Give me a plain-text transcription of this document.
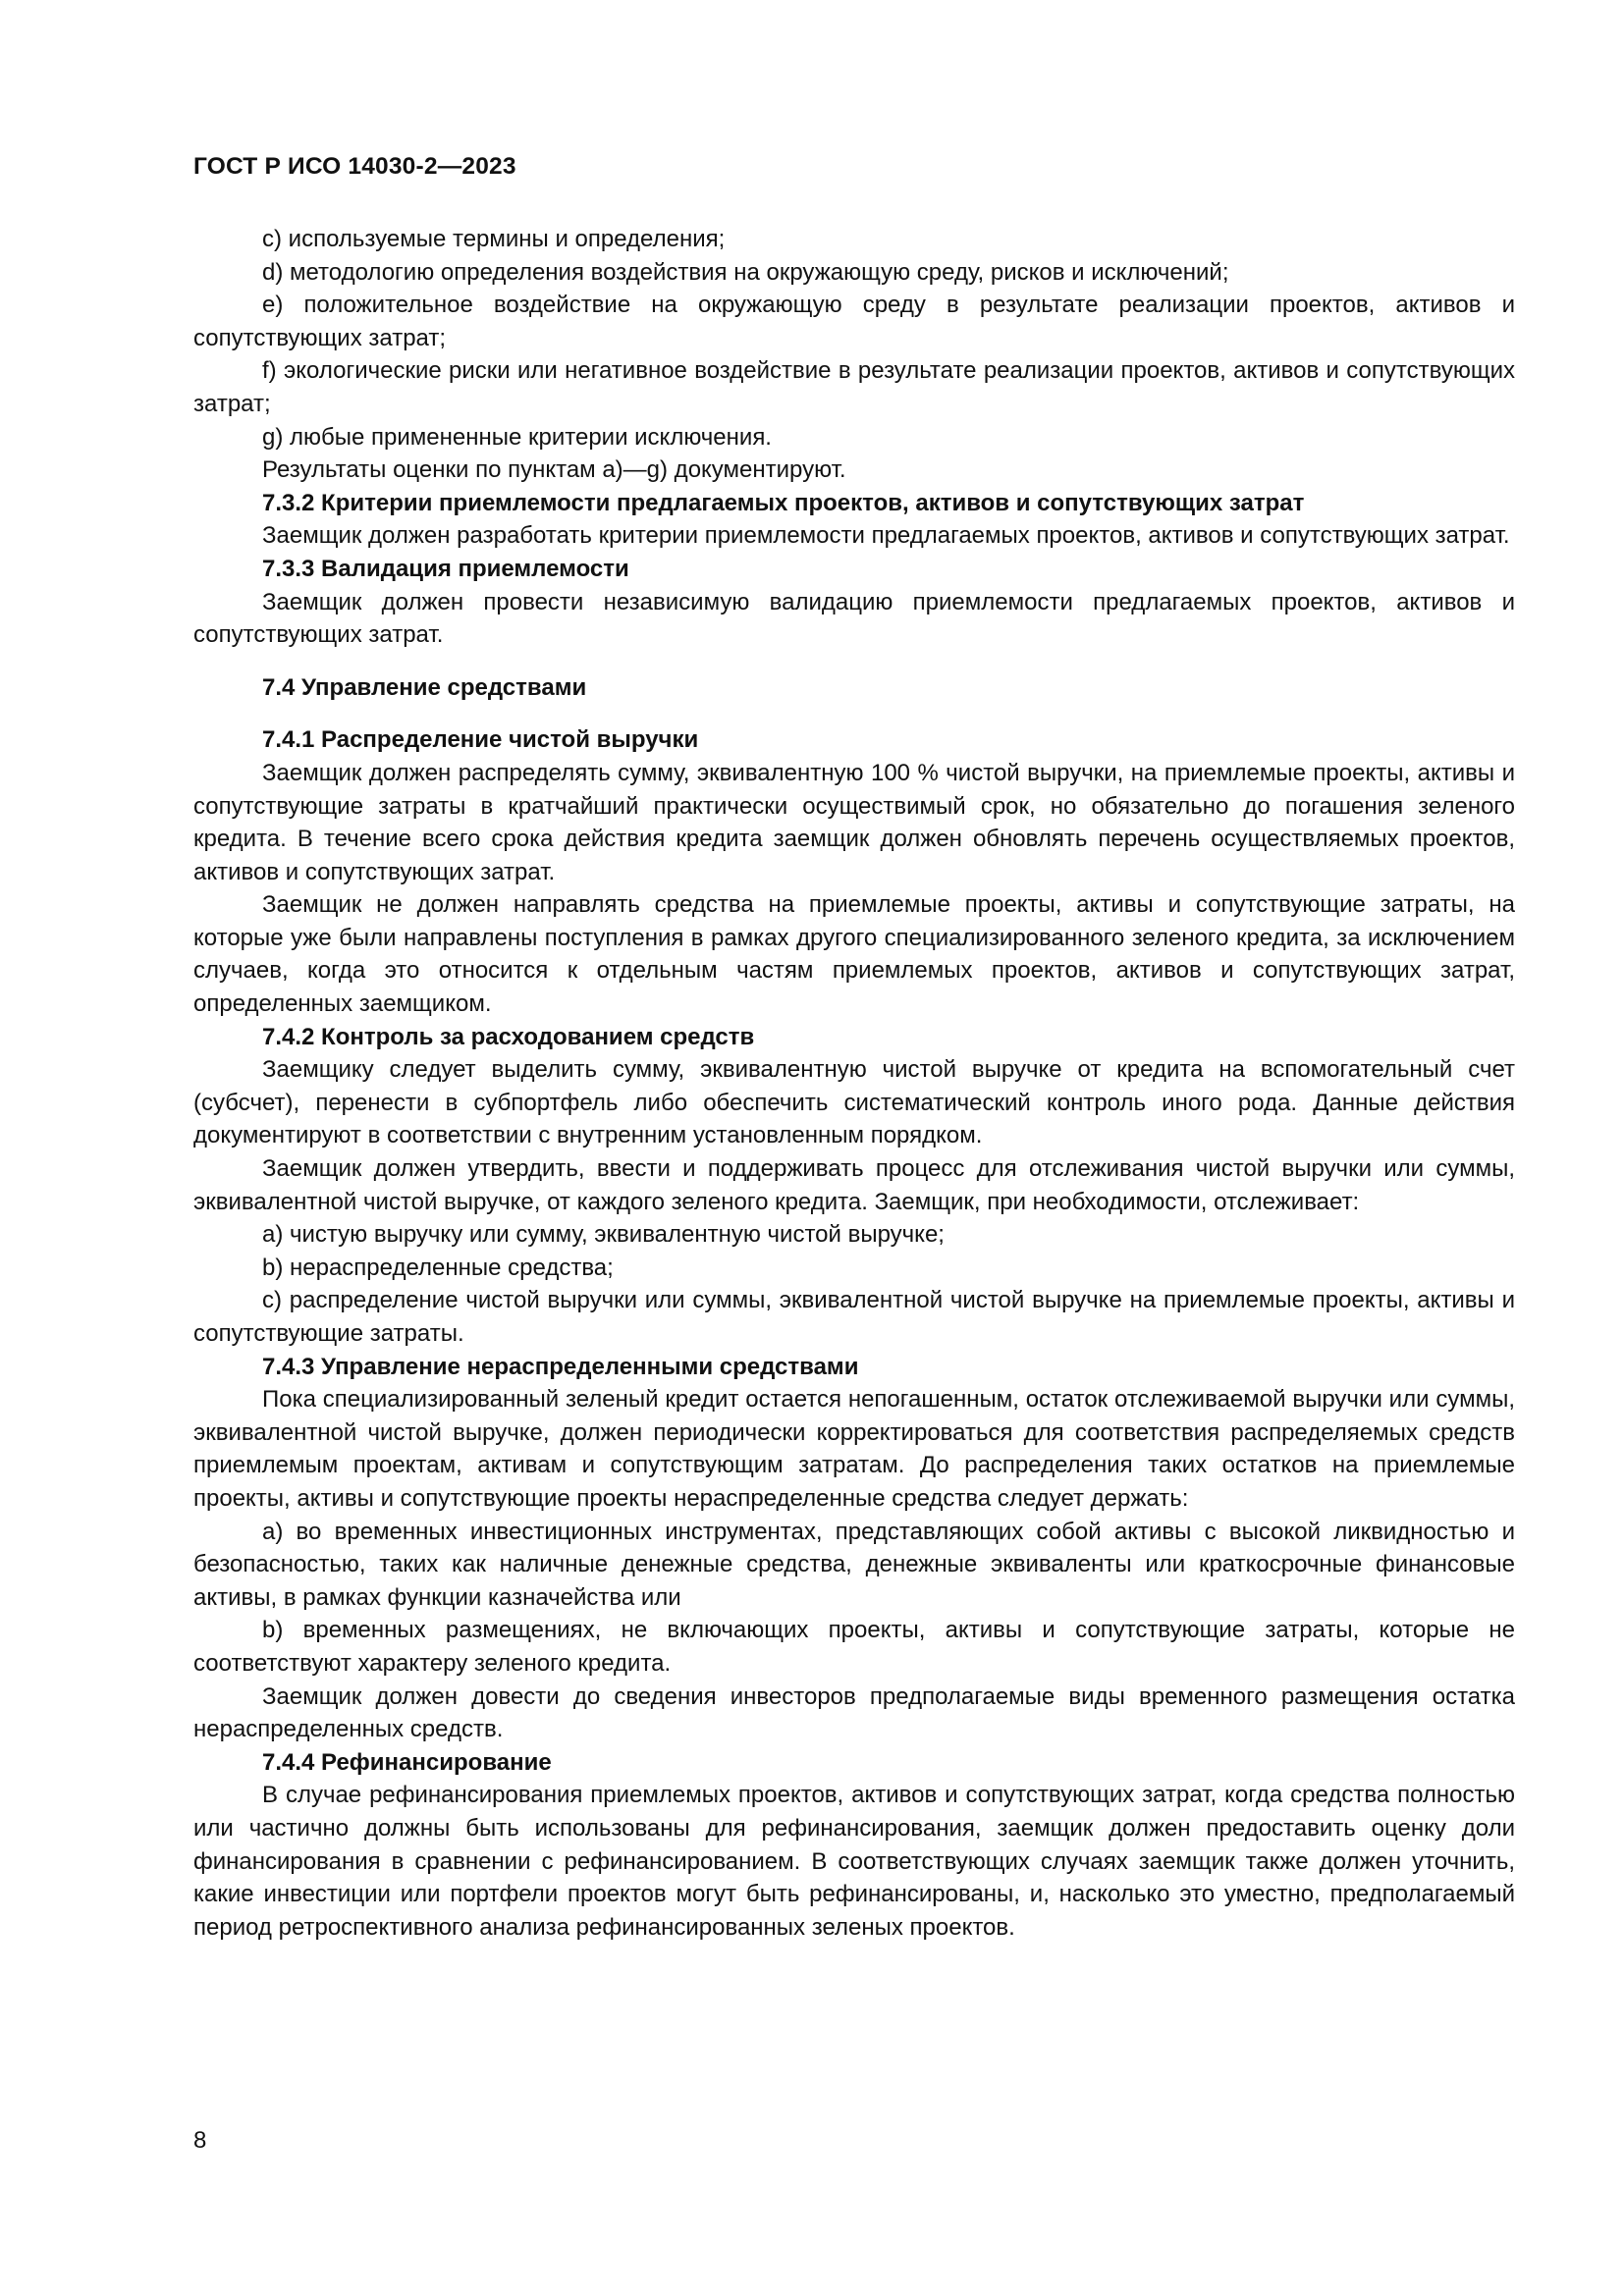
ГОСТ Р ИСО 14030-2—2023

c) используемые термины и определения;

d) методологию определения воздействия на окружающую среду, рисков и исключений;

e) положительное воздействие на окружающую среду в результате реализации проектов, активов и сопутствующих затрат;

f) экологические риски или негативное воздействие в результате реализации проектов, активов и сопутствующих затрат;

g) любые примененные критерии исключения.

Результаты оценки по пунктам а)—g) документируют.

7.3.2 Критерии приемлемости предлагаемых проектов, активов и сопутствующих затрат

Заемщик должен разработать критерии приемлемости предлагаемых проектов, активов и сопутствующих затрат.

7.3.3 Валидация приемлемости

Заемщик должен провести независимую валидацию приемлемости предлагаемых проектов, активов и сопутствующих затрат.

7.4 Управление средствами

7.4.1 Распределение чистой выручки

Заемщик должен распределять сумму, эквивалентную 100 % чистой выручки, на приемлемые проекты, активы и сопутствующие затраты в кратчайший практически осуществимый срок, но обязательно до погашения зеленого кредита. В течение всего срока действия кредита заемщик должен обновлять перечень осуществляемых проектов, активов и сопутствующих затрат.

Заемщик не должен направлять средства на приемлемые проекты, активы и сопутствующие затраты, на которые уже были направлены поступления в рамках другого специализированного зеленого кредита, за исключением случаев, когда это относится к отдельным частям приемлемых проектов, активов и сопутствующих затрат, определенных заемщиком.

7.4.2 Контроль за расходованием средств

Заемщику следует выделить сумму, эквивалентную чистой выручке от кредита на вспомогательный счет (субсчет), перенести в субпортфель либо обеспечить систематический контроль иного рода. Данные действия документируют в соответствии с внутренним установленным порядком.

Заемщик должен утвердить, ввести и поддерживать процесс для отслеживания чистой выручки или суммы, эквивалентной чистой выручке, от каждого зеленого кредита. Заемщик, при необходимости, отслеживает:

a) чистую выручку или сумму, эквивалентную чистой выручке;

b) нераспределенные средства;

c) распределение чистой выручки или суммы, эквивалентной чистой выручке на приемлемые проекты, активы и сопутствующие затраты.

7.4.3 Управление нераспределенными средствами

Пока специализированный зеленый кредит остается непогашенным, остаток отслеживаемой выручки или суммы, эквивалентной чистой выручке, должен периодически корректироваться для соответствия распределяемых средств приемлемым проектам, активам и сопутствующим затратам. До распределения таких остатков на приемлемые проекты, активы и сопутствующие проекты нераспределенные средства следует держать:

a) во временных инвестиционных инструментах, представляющих собой активы с высокой ликвидностью и безопасностью, таких как наличные денежные средства, денежные эквиваленты или краткосрочные финансовые активы, в рамках функции казначейства или

b) временных размещениях, не включающих проекты, активы и сопутствующие затраты, которые не соответствуют характеру зеленого кредита.

Заемщик должен довести до сведения инвесторов предполагаемые виды временного размещения остатка нераспределенных средств.

7.4.4 Рефинансирование

В случае рефинансирования приемлемых проектов, активов и сопутствующих затрат, когда средства полностью или частично должны быть использованы для рефинансирования, заемщик должен предоставить оценку доли финансирования в сравнении с рефинансированием. В соответствующих случаях заемщик также должен уточнить, какие инвестиции или портфели проектов могут быть рефинансированы, и, насколько это уместно, предполагаемый период ретроспективного анализа рефинансированных зеленых проектов.

8
